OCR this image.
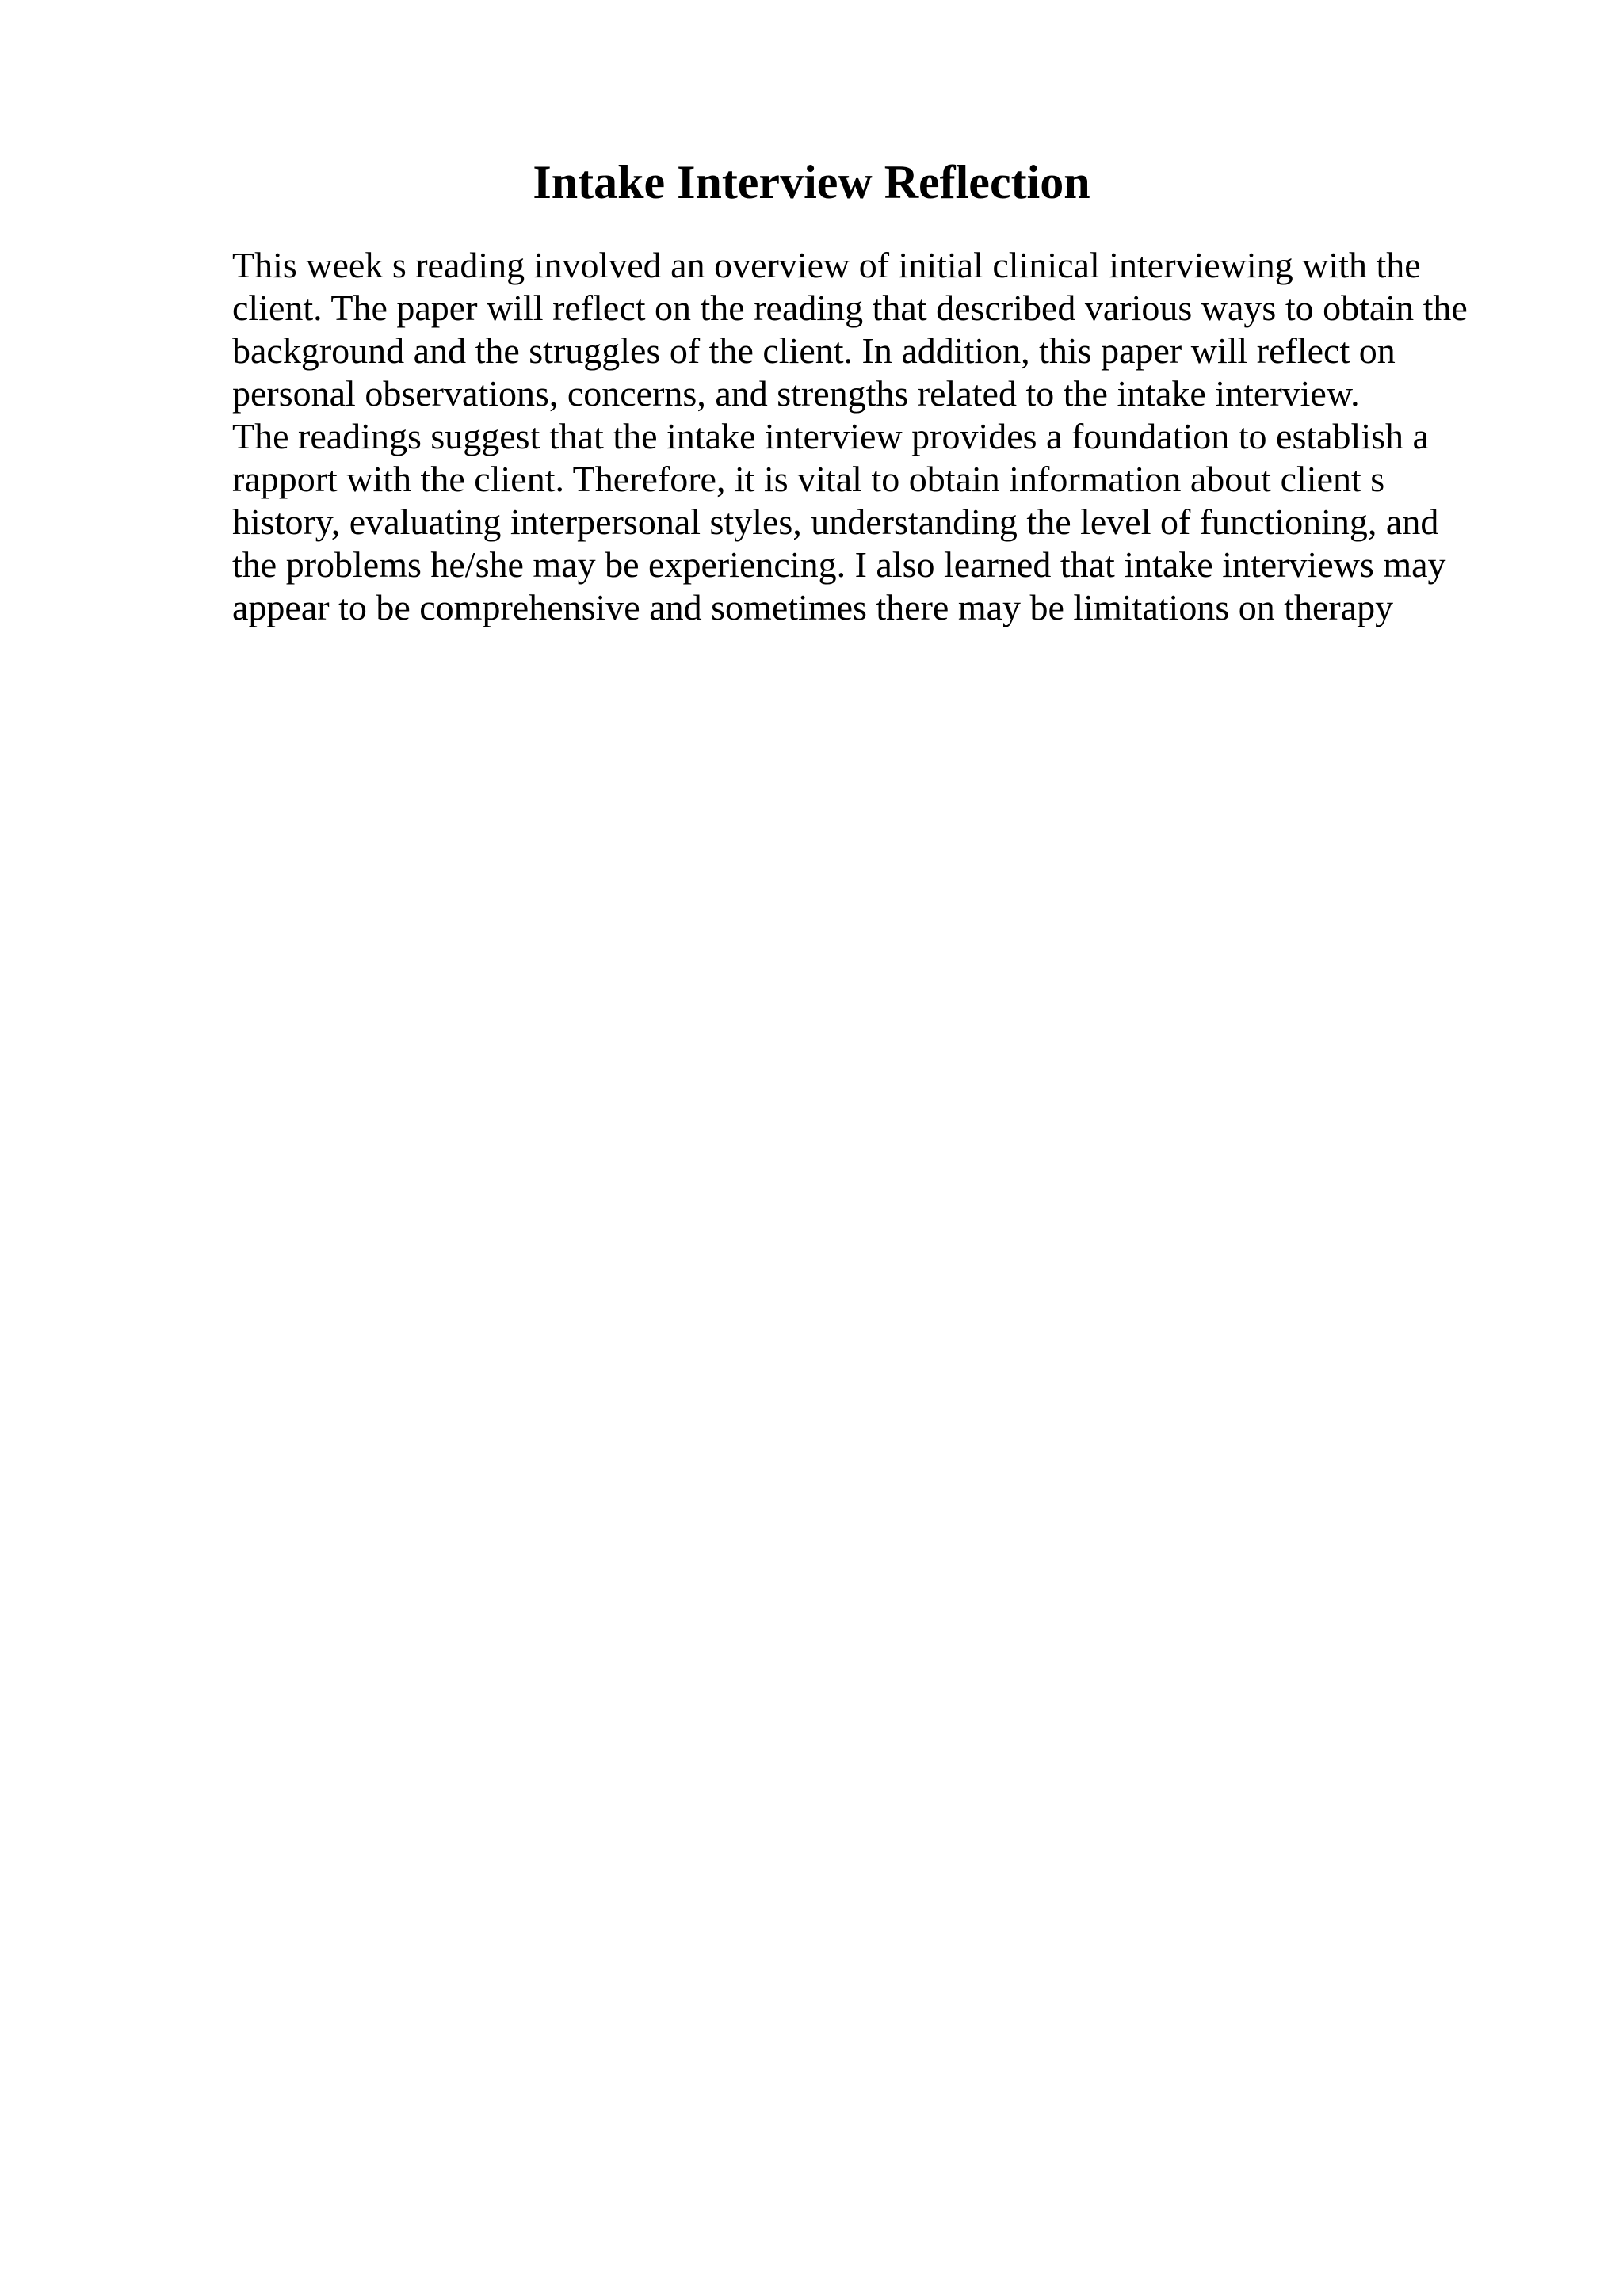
Intake Interview Reflection
This week s reading involved an overview of initial clinical interviewing with the
client. The paper will reflect on the reading that described various ways to obtain the
background and the struggles of the client. In addition, this paper will reflect on
personal observations, concerns, and strengths related to the intake interview.
The readings suggest that the intake interview provides a foundation to establish a
rapport with the client. Therefore, it is vital to obtain information about client s
history, evaluating interpersonal styles, understanding the level of functioning, and
the problems he/she may be experiencing. I also learned that intake interviews may
appear to be comprehensive and sometimes there may be limitations on therapy
